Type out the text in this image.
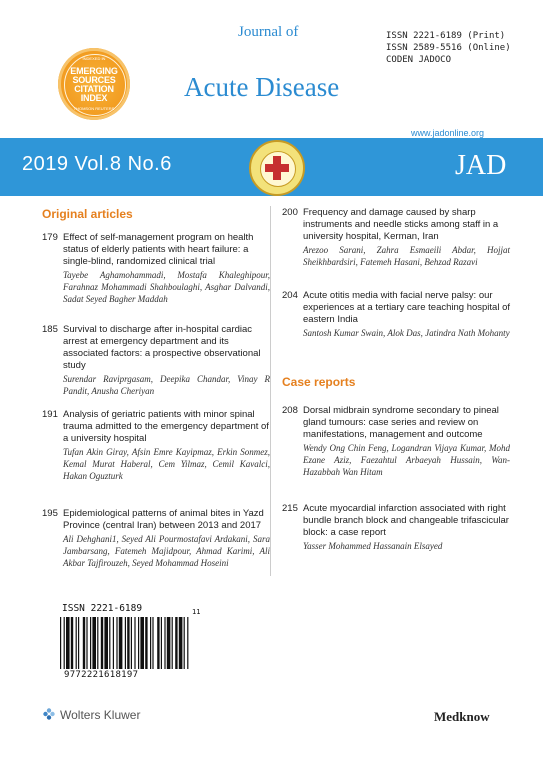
INDEXED IN
EMERGING
SOURCES
CITATION
INDEX
THOMSON REUTERS
Journal of
Acute Disease
ISSN 2221-6189 (Print)
ISSN 2589-5516 (Online)
CODEN JADOCO
www.jadonline.org
2019 Vol.8 No.6	JAD
Original articles
179 Effect of self-management program on health status of elderly patients with heart failure: a single-blind, randomized clinical trial
Tayebe Aghamohammadi, Mostafa Khaleghipour, Farahnaz Mohammadi Shahboulaghi, Asghar Dalvandi, Sadat Seyed Bagher Maddah
185 Survival to discharge after in-hospital cardiac arrest at emergency department and its associated factors: a prospective observational study
Surendar Raviprgasam, Deepika Chandar, Vinay R Pandit, Anusha Cheriyan
191 Analysis of geriatric patients with minor spinal trauma admitted to the emergency department of a university hospital
Tufan Akin Giray, Afsin Emre Kayipmaz, Erkin Sonmez, Kemal Murat Haberal, Cem Yilmaz, Cemil Kavalci, Hakan Oguzturk
195 Epidemiological patterns of animal bites in Yazd Province (central Iran) between 2013 and 2017
Ali Dehghani1, Seyed Ali Pourmostafavi Ardakani, Sara Jambarsang, Fatemeh Majidpour, Ahmad Karimi, Ali Akbar Tajfirouzeh, Seyed Mohammad Hoseini
200 Frequency and damage caused by sharp instruments and needle sticks among staff in a university hospital, Kerman, Iran
Arezoo Sarani, Zahra Esmaeili Abdar, Hojjat Sheikhbardsiri, Fatemeh Hasani, Behzad Razavi
204 Acute otitis media with facial nerve palsy: our experiences at a tertiary care teaching hospital of eastern India
Santosh Kumar Swain, Alok Das, Jatindra Nath Mohanty
Case reports
208 Dorsal midbrain syndrome secondary to pineal gland tumours: case series and review on manifestations, management and outcome
Wendy Ong Chin Feng, Logandran Vijaya Kumar, Mohd Ezane Aziz, Faezahtul Arbaeyah Hussain, Wan-Hazabbah Wan Hitam
215 Acute myocardial infarction associated with right bundle branch block and changeable trifascicular block: a case report
Yasser Mohammed Hassanain Elsayed
ISSN 2221-6189	11
9772221618197
Wolters Kluwer	Medknow
